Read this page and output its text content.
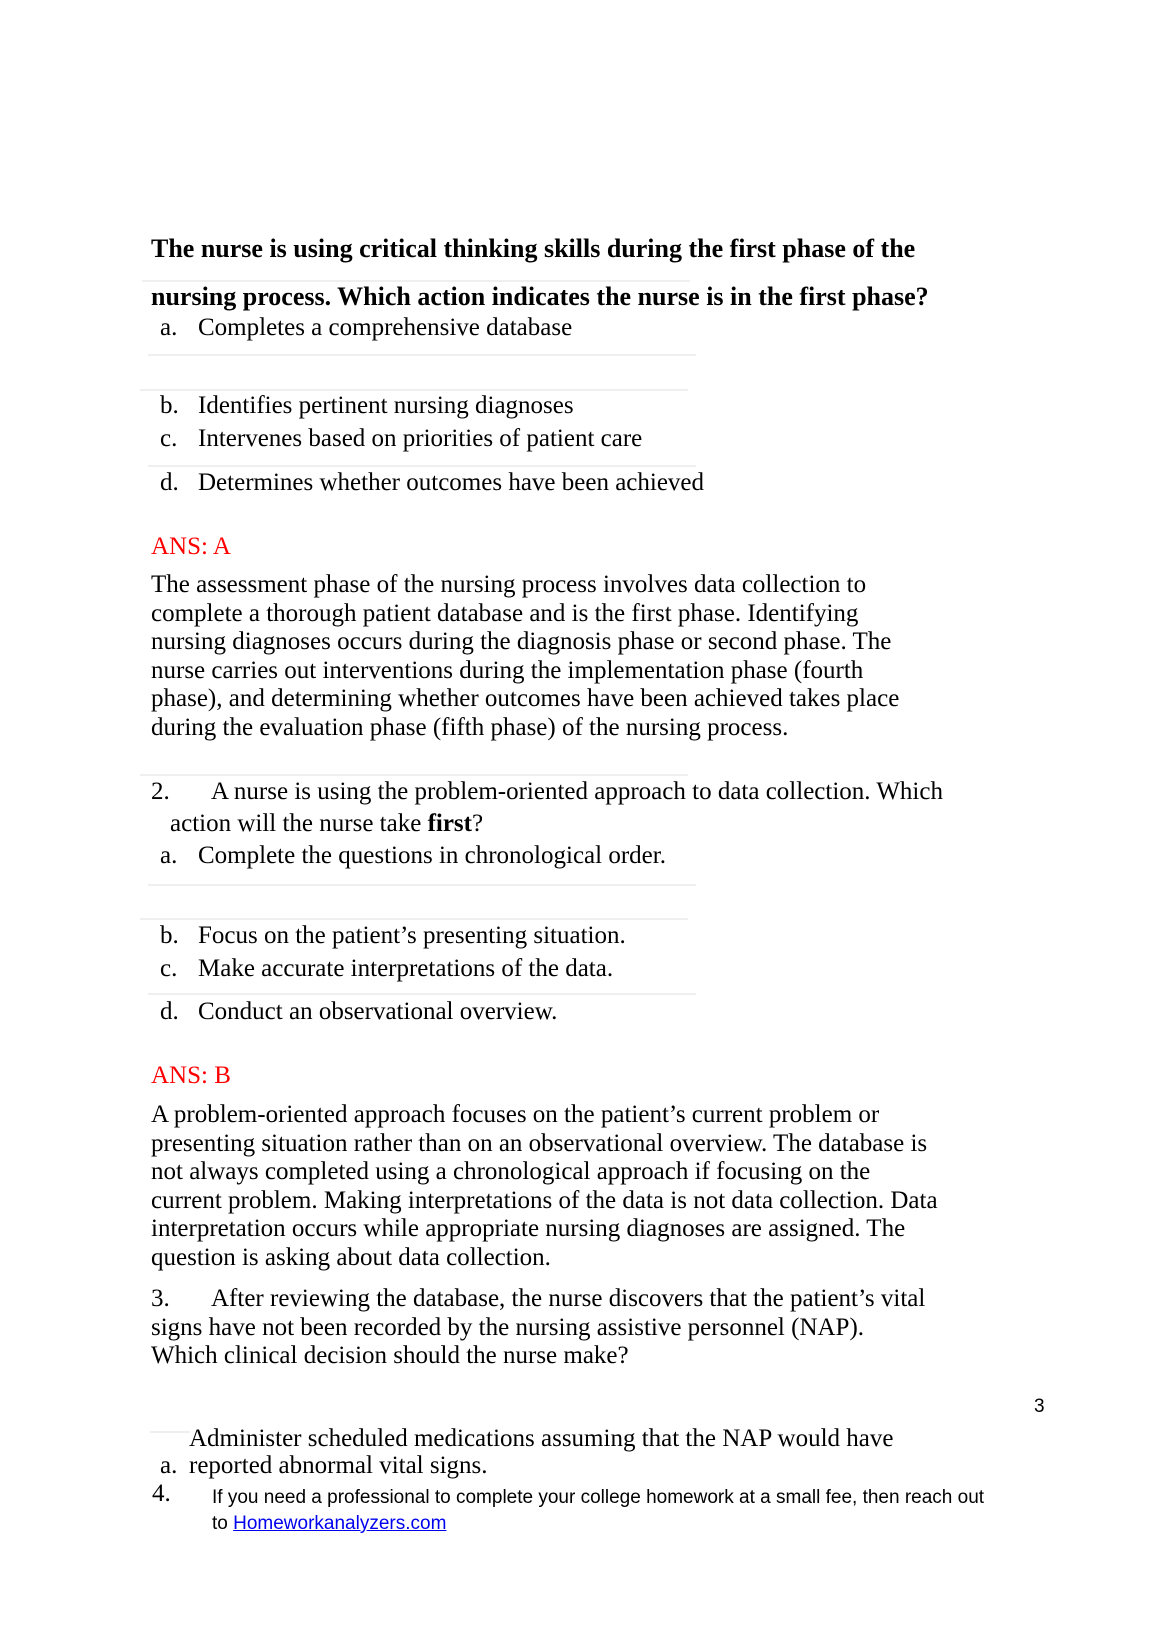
The nurse is using critical thinking skills during the first phase of the
nursing process. Which action indicates the nurse is in the first phase?
a. Completes a comprehensive database
b. Identifies pertinent nursing diagnoses
c. Intervenes based on priorities of patient care
d. Determines whether outcomes have been achieved
ANS: A

The assessment phase of the nursing process involves data collection to

complete a thorough patient database and is the first phase. Identifying

nursing diagnoses occurs during the diagnosis phase or second phase. The

nurse carries out interventions during the implementation phase (fourth

phase), and determining whether outcomes have been achieved takes place

during the evaluation phase (fifth phase) of the nursing process.

2. A nurse is using the problem-oriented approach to data collection. Which
action will the nurse take first?
a. Complete the questions in chronological order.
b. Focus on the patient’s presenting situation.
c. Make accurate interpretations of the data.
d. Conduct an observational overview.
ANS: B

A problem-oriented approach focuses on the patient’s current problem or

presenting situation rather than on an observational overview. The database is

not always completed using a chronological approach if focusing on the

current problem. Making interpretations of the data is not data collection. Data

interpretation occurs while appropriate nursing diagnoses are assigned. The

question is asking about data collection.

3. After reviewing the database, the nurse discovers that the patient’s vital

signs have not been recorded by the nursing assistive personnel (NAP).

Which clinical decision should the nurse make?

3
Administer scheduled medications assuming that the NAP would have
a. reported abnormal vital signs.
4. If you need a professional to complete your college homework at a small fee, then reach out
to Homeworkanalyzers.com
